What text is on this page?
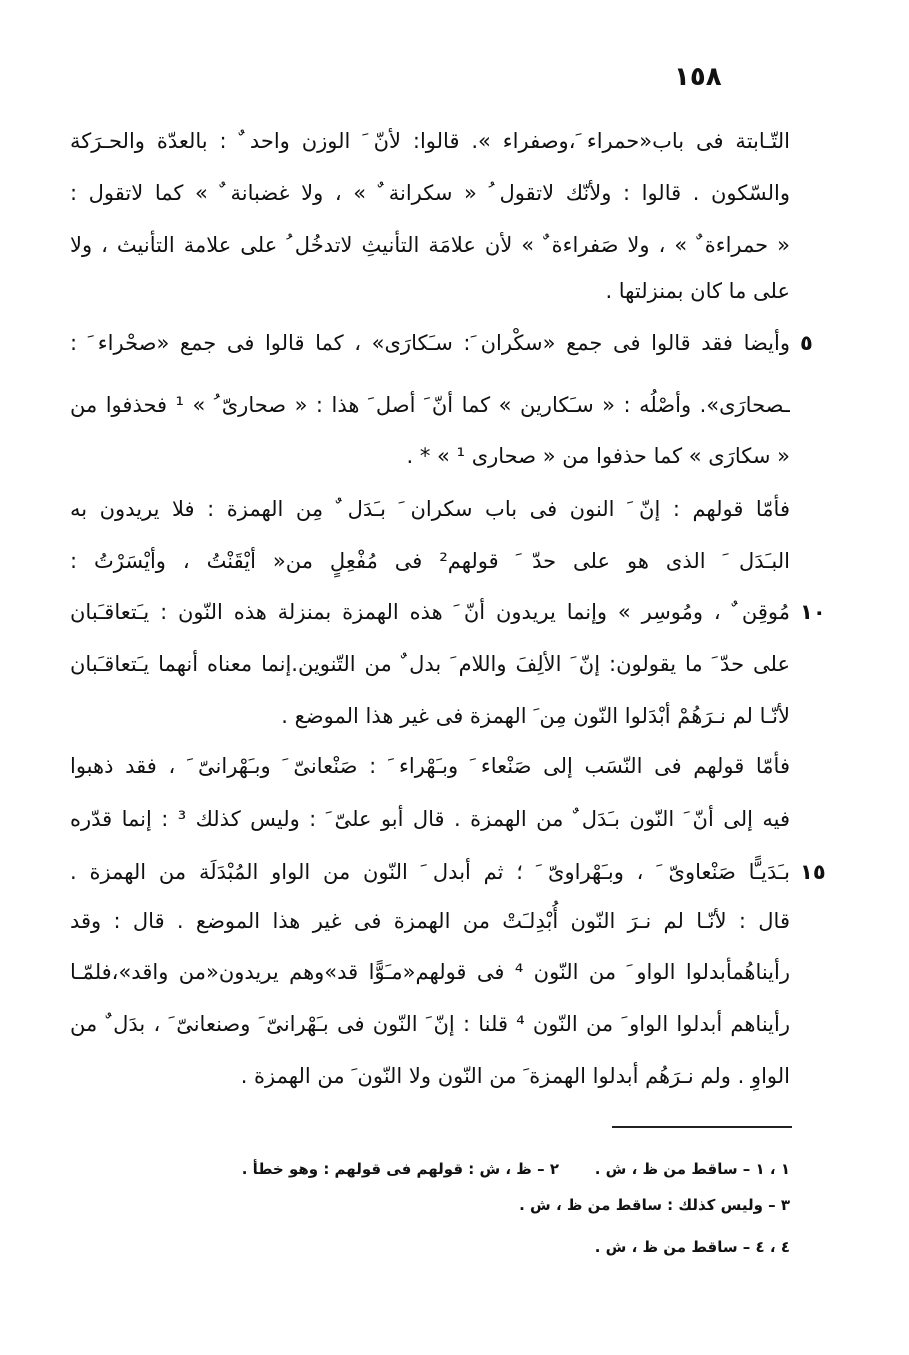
١٥٨
التّـابتة فى باب«حمراء َ،وصفراء ». قالوا: لأنّ َ الوزن واحد ٌ : بالعدّة والحـرَكة
والسّكون . قالوا : ولأنّك لاتقول ُ « سكرانة ٌ » ، ولا غضبانة ٌ » كما لاتقول :
« حمراءة ٌ » ، ولا صَفراءة ٌ » لأن علامَة التأنيثِ لاتدخُل ُ على علامة التأنيث ، ولا
على ما كان بمنزلتها .
وأيضا فقد قالوا فى جمع «سكْران َ: سـَكارَى» ، كما قالوا فى جمع «صحْراء َ :
ـصحارَى». وأصْلُه : « سـَكارين » كما أنّ َ أصل َ هذا : « صحارىّ ُ » ¹ فحذفوا من
« سكارَى » كما حذفوا من « صحارى ¹ » * .
فأمّا قولهم : إنّ َ النون فى باب سكران َ بـَدَل ٌ مِن الهمزة : فلا يريدون به
البـَدَل َ الذى هو على حدّ َ قولهم² فى مُفْعِلٍ من« أيْقَنْتُ ، وأيْسَرْتُ :
مُوقِن ٌ ، ومُوسِر » وإنما يريدون أنّ َ هذه الهمزة بمنزلة هذه النّون : يـَتعاقـَبان
على حدّ َ ما يقولون: إنّ َ الألِفَ واللام َ بدل ٌ من التّنوين.إنما معناه أنهما يـَتعاقـَبان
لأنّـا لم نـرَهُمْ أبْدَلوا النّون مِن َ الهمزة فى غير هذا الموضع .
فأمّا قولهم فى النّسَب إلى صَنْعاء َ وبـَهْراء َ : صَنْعانىّ َ وبـَهْرانىّ َ ، فقد ذهبوا
فيه إلى أنّ َ النّون بـَدَل ٌ من الهمزة . قال أبو علىّ َ : وليس كذلك ³ : إنما قدّره
بـَدَيـًّا صَنْعاوىّ َ ، وبـَهْراوىّ َ ؛ ثم أبدل َ النّون من الواو المُبْدَلَة من الهمزة .
قال : لأنّـا لم نـرَ النّون أُبْدِلـَتْ من الهمزة فى غير هذا الموضع . قال : وقد
رأيناهُمأبدلوا الواو َ من النّون ⁴ فى قولهم«مـَوًّا قد»وهم يريدون«من واقد»،فلمّـا
رأيناهم أبدلوا الواو َ من النّون ⁴ قلنا : إنّ َ النّون فى بـَهْرانىّ َ وصنعانىّ َ ، بدَل ٌ من
الواوِ . ولم نـرَهُم أبدلوا الهمزة َ من النّون ولا النّون َ من الهمزة .
٥
١٠
١٥
١ ، ١ – ساقط من ظ ، ش .
٢ – ظ ، ش : قولهم فى قولهم : وهو خطأ .
٣ – وليس كذلك : ساقط من ظ ، ش .
٤ ، ٤ – ساقط من ظ ، ش .
